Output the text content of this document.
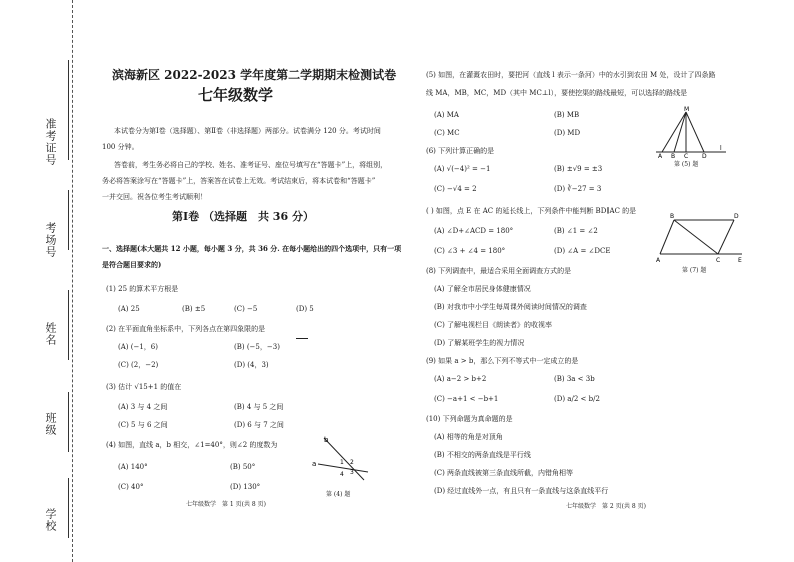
准考证号
考场号
姓名
班级
学校
滨海新区 2022-2023 学年度第二学期期末检测试卷
七年级数学
本试卷分为第Ⅰ卷（选择题）、第Ⅱ卷（非选择题）两部分。试卷满分 120 分。考试时间
100 分钟。
答卷前，考生务必将自己的学校、姓名、准考证号、座位号填写在“答题卡”上，将组别，
务必将答案涂写在“答题卡”上，答案答在试卷上无效。考试结束后，将本试卷和“答题卡”
一并交回。祝各位考生考试顺利！
第Ⅰ卷 （选择题　共 36 分）
一、选择题(本大题共 12 小题，每小题 3 分，共 36 分. 在每小题给出的四个选项中，只有一项
是符合题目要求的)
(1) 25 的算术平方根是
(A) 25	(B) ±5	(C) −5	(D) 5
(2) 在平面直角坐标系中，下列各点在第四象限的是
(A) (−1，6)	(B) (−5，−3)
(C) (2，−2)	(D) (4，3)
(3) 估计 √15+1 的值在
(A) 3 与 4 之间	(B) 4 与 5 之间
(C) 5 与 6 之间	(D) 6 与 7 之间
(4) 如图，直线 a，b 相交，∠1=40°，则∠2 的度数为
(A) 140°	(B) 50°
(C) 40°	(D) 130°
b
a	1 2
3
4
第 (4) 题
七年级数学　第 1 页(共 8 页)
(5) 如图，在灌溉农田时，要把河（直线 l 表示一条河）中的水引到农田 M 处，设计了四条路
线 MA，MB，MC，MD（其中 MC⊥l），要使挖渠的路线最短，可以选择的路线是
(A) MA	(B) MB
(C) MC	(D) MD
M
A B C D
l
第 (5) 题
(6) 下列计算正确的是
(A) √(−4)² = −1	(B) ±√9 = ±3
(C) −√4 = 2	(D) ∛−27 = 3
( ) 如图，点 E 在 AC 的延长线上，下列条件中能判断 BD∥AC 的是
(A) ∠D+∠ACD = 180°	(B) ∠1 = ∠2
(C) ∠3 + ∠4 = 180°	(D) ∠A = ∠DCE
B	D
A	C	E
第 (7) 题
(8) 下列调查中，最适合采用全面调查方式的是
(A) 了解全市居民身体健康情况
(B) 对我市中小学生每周课外阅读时间情况的调查
(C) 了解电视栏目《朗读者》的收视率
(D) 了解某班学生的视力情况
(9) 如果 a > b，那么下列不等式中一定成立的是
(A) a−2 > b+2	(B) 3a < 3b
(C) −a+1 < −b+1	(D) a/2 < b/2
(10) 下列命题为真命题的是
(A) 相等的角是对顶角
(B) 不相交的两条直线是平行线
(C) 两条直线被第三条直线所截，内错角相等
(D) 经过直线外一点，有且只有一条直线与这条直线平行
七年级数学　第 2 页(共 8 页)
